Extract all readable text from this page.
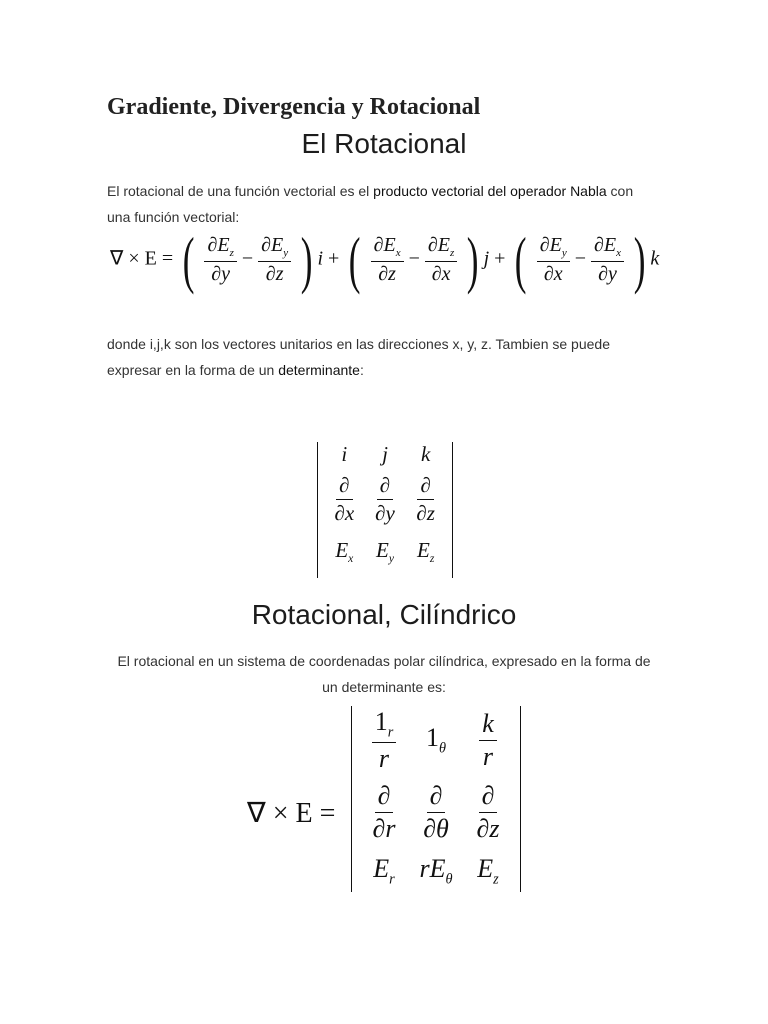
Gradiente, Divergencia y Rotacional
El Rotacional
El rotacional de una función vectorial es el producto vectorial del operador Nabla con
una función vectorial:
∇ × E = ( $\frac{\partial E_z}{\partial y} - \frac{\partial E_y}{\partial z}$ ) i + ( $\frac{\partial E_x}{\partial z} - \frac{\partial E_z}{\partial x}$ ) j + ( $\frac{\partial E_y}{\partial x} - \frac{\partial E_x}{\partial y}$ ) k
donde i,j,k son los vectores unitarios en las direcciones x, y, z. Tambien se puede
expresar en la forma de un determinante:
i j k
$\frac{\partial}{\partial x} \frac{\partial}{\partial y} \frac{\partial}{\partial z}$
$E_x$ $E_y$ $E_z$
Rotacional, Cilíndrico
El rotacional en un sistema de coordenadas polar cilíndrica, expresado en la forma de
un determinante es:
∇ × E =
$\frac{1_r}{r} 1_\theta \frac{k}{r}$
$\frac{\partial}{\partial r} \frac{\partial}{\partial\theta} \frac{\partial}{\partial z}$
$E_r$ $rE_\theta$ $E_z$
